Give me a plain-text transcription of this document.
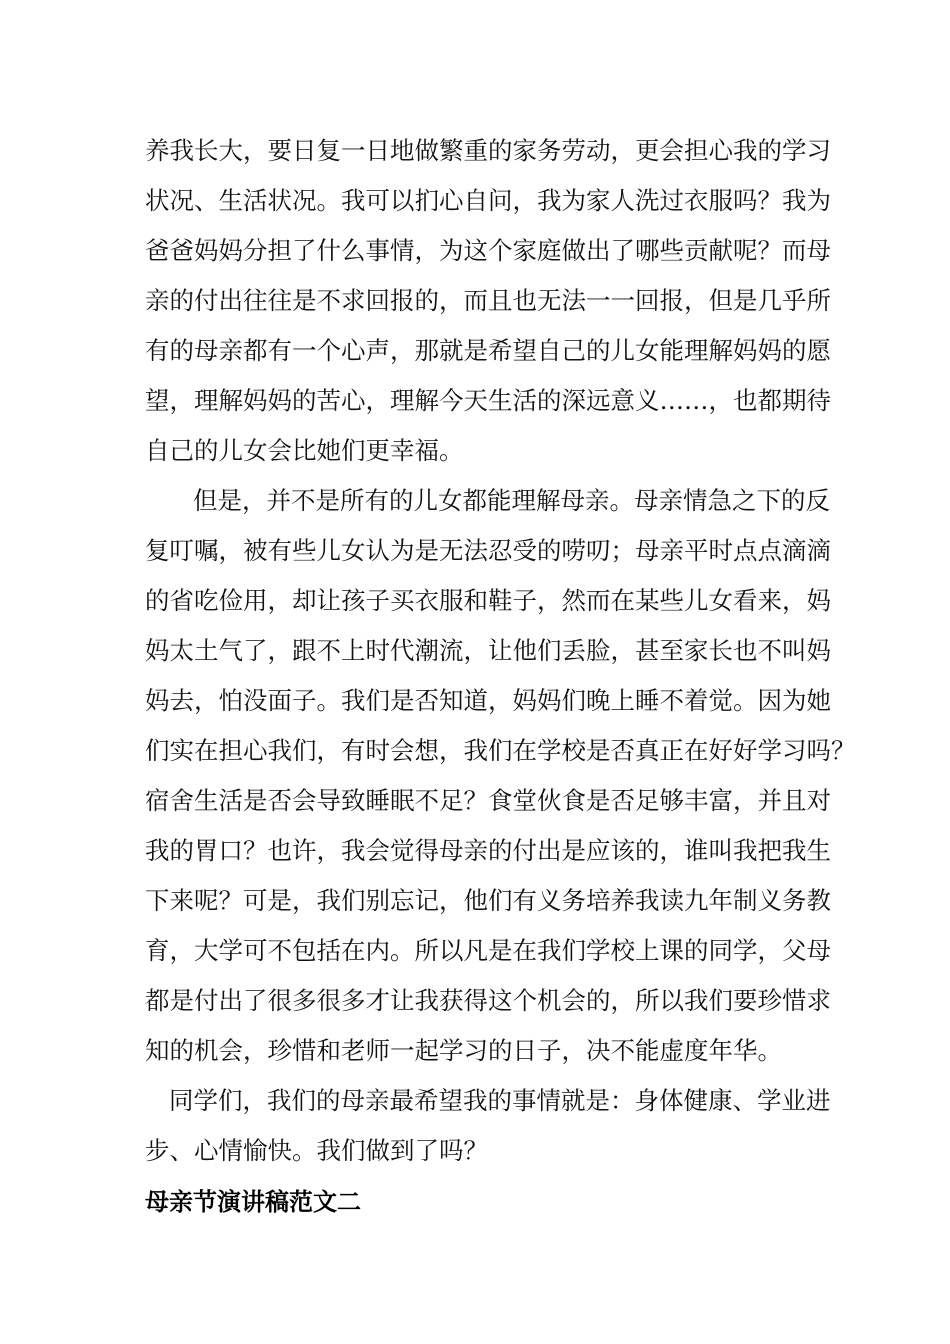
养我长大，要日复一日地做繁重的家务劳动，更会担心我的学习
状况、生活状况。我可以扪心自问，我为家人洗过衣服吗？我为
爸爸妈妈分担了什么事情，为这个家庭做出了哪些贡献呢？而母
亲的付出往往是不求回报的，而且也无法一一回报，但是几乎所
有的母亲都有一个心声，那就是希望自己的儿女能理解妈妈的愿
望，理解妈妈的苦心，理解今天生活的深远意义……，也都期待
自己的儿女会比她们更幸福。
但是，并不是所有的儿女都能理解母亲。母亲情急之下的反
复叮嘱，被有些儿女认为是无法忍受的唠叨；母亲平时点点滴滴
的省吃俭用，却让孩子买衣服和鞋子，然而在某些儿女看来，妈
妈太土气了，跟不上时代潮流，让他们丢脸，甚至家长也不叫妈
妈去，怕没面子。我们是否知道，妈妈们晚上睡不着觉。因为她
们实在担心我们，有时会想，我们在学校是否真正在好好学习吗？
宿舍生活是否会导致睡眠不足？食堂伙食是否足够丰富，并且对
我的胃口？也许，我会觉得母亲的付出是应该的，谁叫我把我生
下来呢？可是，我们别忘记，他们有义务培养我读九年制义务教
育，大学可不包括在内。所以凡是在我们学校上课的同学，父母
都是付出了很多很多才让我获得这个机会的，所以我们要珍惜求
知的机会，珍惜和老师一起学习的日子，决不能虚度年华。
同学们，我们的母亲最希望我的事情就是：身体健康、学业进
步、心情愉快。我们做到了吗？
母亲节演讲稿范文二
